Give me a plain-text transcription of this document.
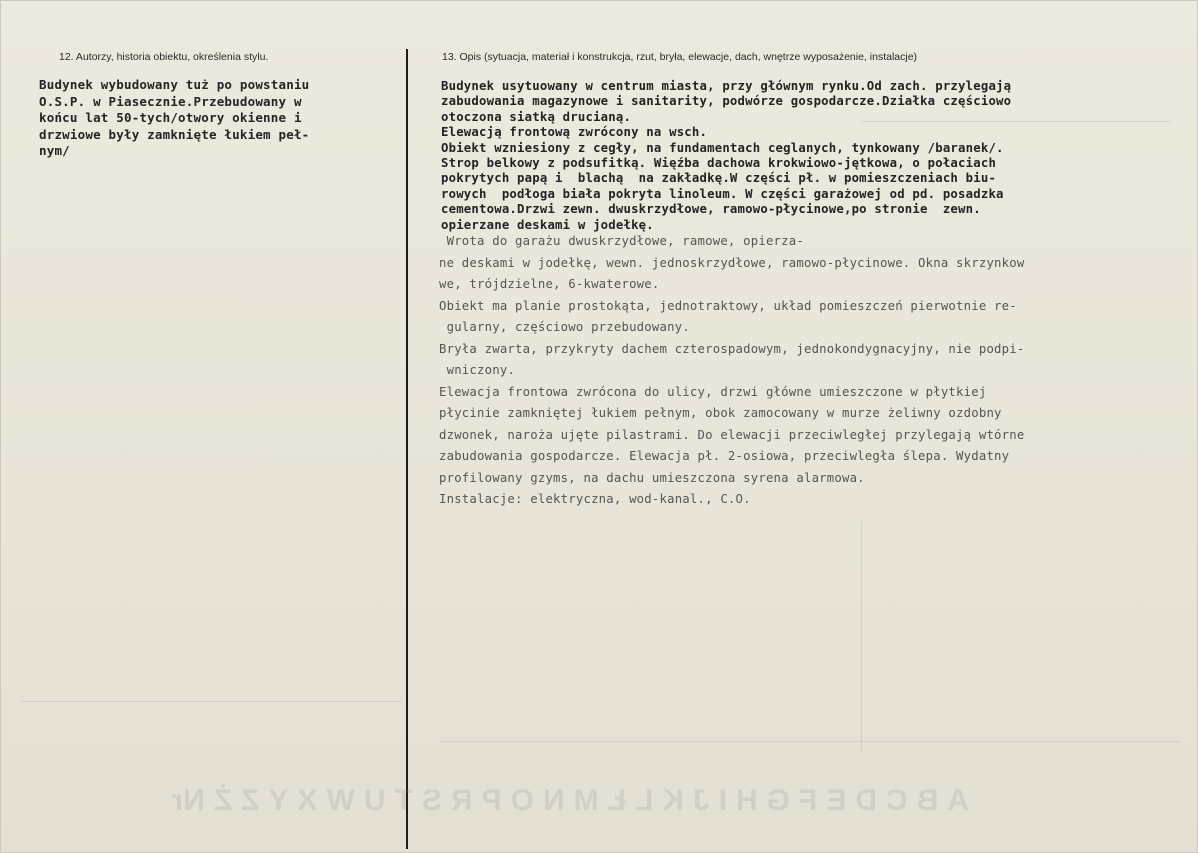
12. Autorzy, historia obiektu, określenia stylu.	13. Opis (sytuacja, materiał i konstrukcja, rzut, bryła, elewacje, dach, wnętrze wyposażenie, instalacje)
Budynek wybudowany tuż po powstaniu
O.S.P. w Piasecznie.Przebudowany w
końcu lat 50-tych/otwory okienne i
drzwiowe były zamknięte łukiem peł-
nym/
Budynek usytuowany w centrum miasta, przy głównym rynku.Od zach. przylegają
zabudowania magazynowe i sanitarity, podwórze gospodarcze.Działka częściowo
otoczona siatką drucianą.
Elewacją frontową zwrócony na wsch.
Obiekt wzniesiony z cegły, na fundamentach ceglanych, tynkowany /baranek/.
Strop belkowy z podsufitką. Więźba dachowa krokwiowo-jętkowa, o połaciach
pokrytych papą i  blachą  na zakładkę.W części pł. w pomieszczeniach biu-
rowych  podłoga biała pokryta linoleum. W części garażowej od pd. posadzka
cementowa.Drzwi zewn. dwuskrzydłowe, ramowo-płycinowe,po stronie  zewn.
opierzane deskami w jodełkę.
Wrota do garażu dwuskrzydłowe, ramowe, opierza-
ne deskami w jodełkę, wewn. jednoskrzydłowe, ramowo-płycinowe. Okna skrzynkow
we, trójdzielne, 6-kwaterowe.
Obiekt ma planie prostokąta, jednotraktowy, układ pomieszczeń pierwotnie re-
gularny, częściowo przebudowany.
Bryła zwarta, przykryty dachem czterospadowym, jednokondygnacyjny, nie podpi-
wniczony.
Elewacja frontowa zwrócona do ulicy, drzwi główne umieszczone w płytkiej
płycinie zamkniętej łukiem pełnym, obok zamocowany w murze żeliwny ozdobny
dzwonek, naroża ujęte pilastrami. Do elewacji przeciwległej przylegają wtórne
zabudowania gospodarcze. Elewacja pł. 2-osiowa, przeciwległa ślepa. Wydatny
profilowany gzyms, na dachu umieszczona syrena alarmowa.
Instalacje: elektryczna, wod-kanal., C.O.
A
B
C
D
E
F
G
H
I
J
K
L
Ł
M
N
O
P
R
S
T
U
W
X
Y
Z
Ż
Nr
